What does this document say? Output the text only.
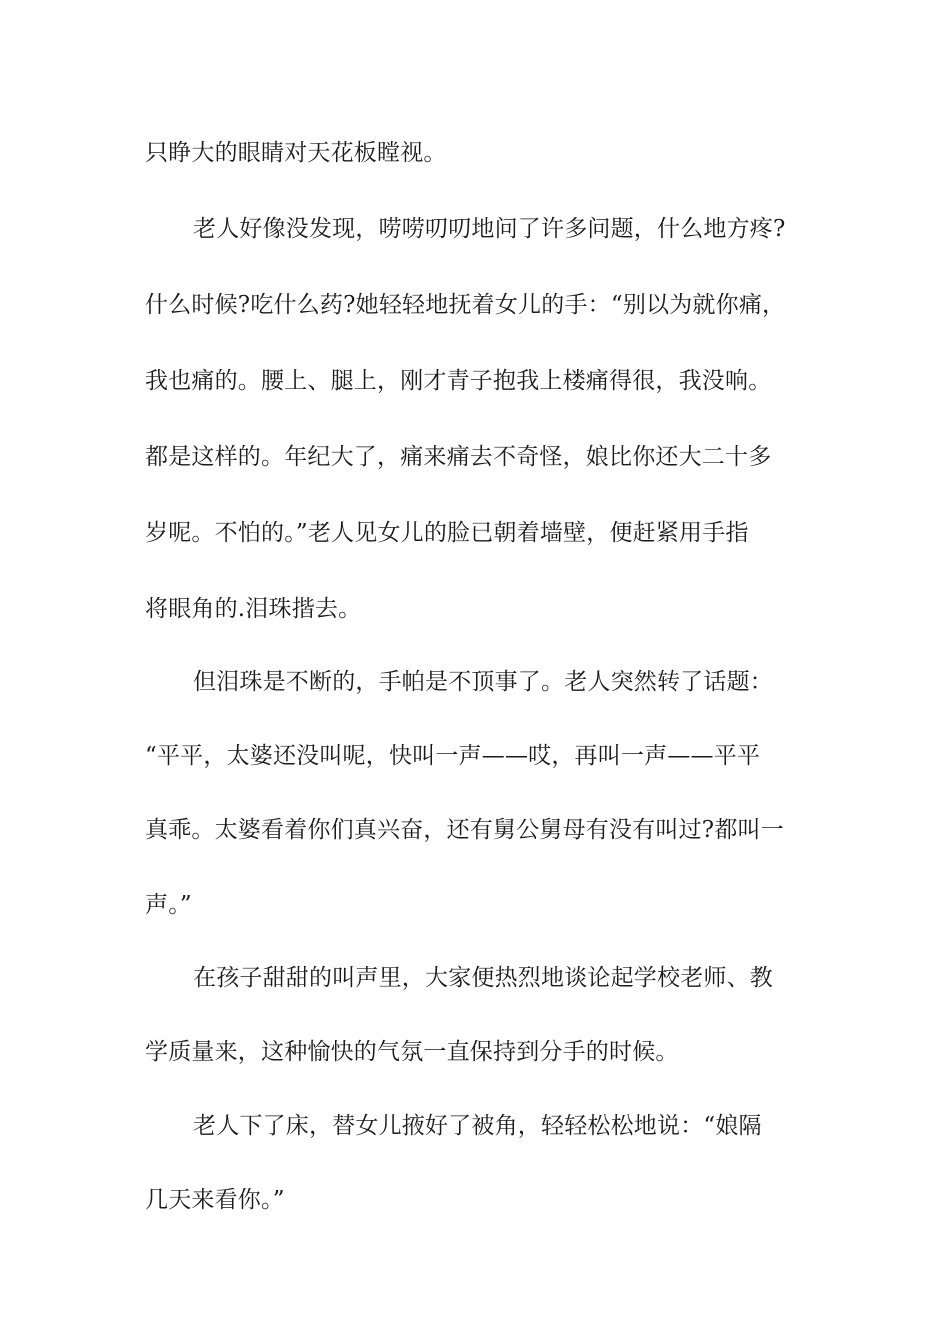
只睁大的眼睛对天花板瞠视。
老人好像没发现，唠唠叨叨地问了许多问题，什么地方疼?
什么时候?吃什么药?她轻轻地抚着女儿的手：“别以为就你痛，
我也痛的。腰上、腿上，刚才青子抱我上楼痛得很，我没响。
都是这样的。年纪大了，痛来痛去不奇怪，娘比你还大二十多
岁呢。不怕的。”老人见女儿的脸已朝着墙壁，便赶紧用手指
将眼角的.泪珠揩去。
但泪珠是不断的，手帕是不顶事了。老人突然转了话题：
“平平，太婆还没叫呢，快叫一声——哎，再叫一声——平平
真乖。太婆看着你们真兴奋，还有舅公舅母有没有叫过?都叫一
声。”
在孩子甜甜的叫声里，大家便热烈地谈论起学校老师、教
学质量来，这种愉快的气氛一直保持到分手的时候。
老人下了床，替女儿掖好了被角，轻轻松松地说：“娘隔
几天来看你。”
